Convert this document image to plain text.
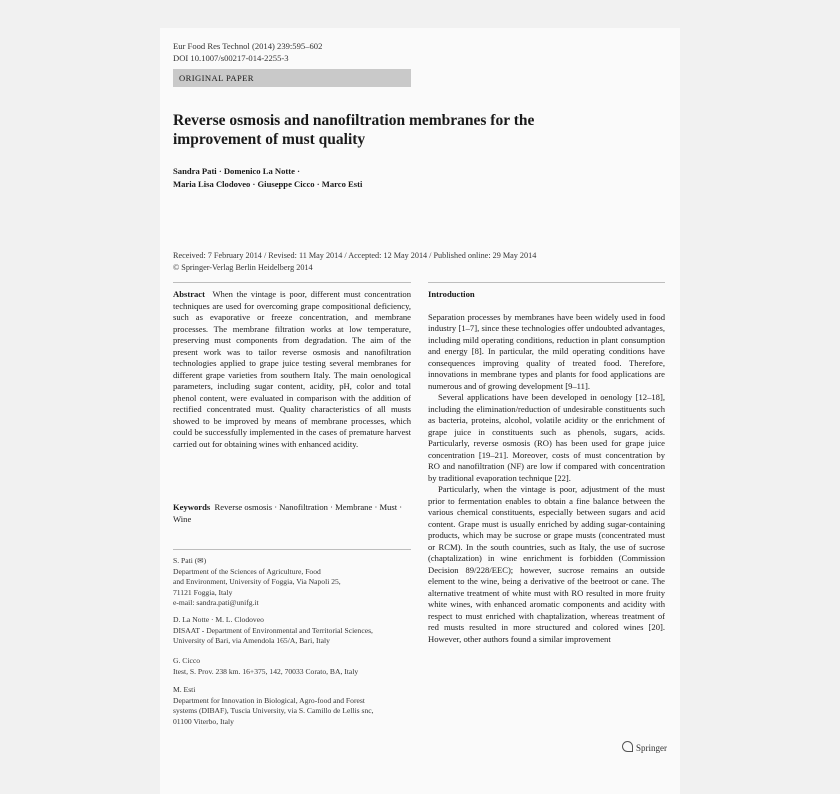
Eur Food Res Technol (2014) 239:595–602
DOI 10.1007/s00217-014-2255-3
ORIGINAL PAPER
Reverse osmosis and nanofiltration membranes for the improvement of must quality
Sandra Pati · Domenico La Notte ·
Maria Lisa Clodoveo · Giuseppe Cicco · Marco Esti
Received: 7 February 2014 / Revised: 11 May 2014 / Accepted: 12 May 2014 / Published online: 29 May 2014
© Springer-Verlag Berlin Heidelberg 2014
Abstract When the vintage is poor, different must concentration techniques are used for overcoming grape compositional deficiency, such as evaporative or freeze concentration, and membrane processes. The membrane filtration works at low temperature, preserving must components from degradation. The aim of the present work was to tailor reverse osmosis and nanofiltration technologies applied to grape juice testing several membranes for different grape varieties from southern Italy. The main oenological parameters, including sugar content, acidity, pH, color and total phenol content, were evaluated in comparison with the addition of rectified concentrated must. Quality characteristics of all musts showed to be improved by means of membrane processes, which could be successfully implemented in the cases of premature harvest carried out for obtaining wines with enhanced acidity.
Keywords Reverse osmosis · Nanofiltration · Membrane · Must · Wine
S. Pati (✉)
Department of the Sciences of Agriculture, Food
and Environment, University of Foggia, Via Napoli 25,
71121 Foggia, Italy
e-mail: sandra.pati@unifg.it
D. La Notte · M. L. Clodoveo
DISAAT - Department of Environmental and Territorial Sciences,
University of Bari, via Amendola 165/A, Bari, Italy
G. Cicco
Itest, S. Prov. 238 km. 16+375, 142, 70033 Corato, BA, Italy
M. Esti
Department for Innovation in Biological, Agro-food and Forest
systems (DIBAF), Tuscia University, via S. Camillo de Lellis snc,
01100 Viterbo, Italy
Introduction
Separation processes by membranes have been widely used in food industry [1–7], since these technologies offer undoubted advantages, including mild operating conditions, reduction in plant consumption and energy [8]. In particular, the mild operating conditions have consequences improving quality of treated food. Therefore, innovations in membrane types and plants for food applications are numerous and of growing development [9–11].
Several applications have been developed in oenology [12–18], including the elimination/reduction of undesirable constituents such as bacteria, proteins, alcohol, volatile acidity or the enrichment of grape juice in constituents such as phenols, sugars, acids. Particularly, reverse osmosis (RO) has been used for grape juice concentration [19–21]. Moreover, costs of must concentration by RO and nanofiltration (NF) are low if compared with concentration by traditional evaporation technique [22].
Particularly, when the vintage is poor, adjustment of the must prior to fermentation enables to obtain a fine balance between the various chemical constituents, especially between sugars and acid content. Grape must is usually enriched by adding sugar-containing products, which may be sucrose or grape musts (concentrated must or RCM). In the south countries, such as Italy, the use of sucrose (chaptalization) in wine enrichment is forbidden (Commission Decision 89/228/EEC); however, sucrose remains an outside element to the wine, being a derivative of the beetroot or cane. The alternative treatment of white must with RO resulted in more fruity white wines, with enhanced aromatic components and acidity with respect to must enriched with chaptalization, whereas treatment of red musts resulted in more structured and colored wines [20]. However, other authors found a similar improvement
Springer
